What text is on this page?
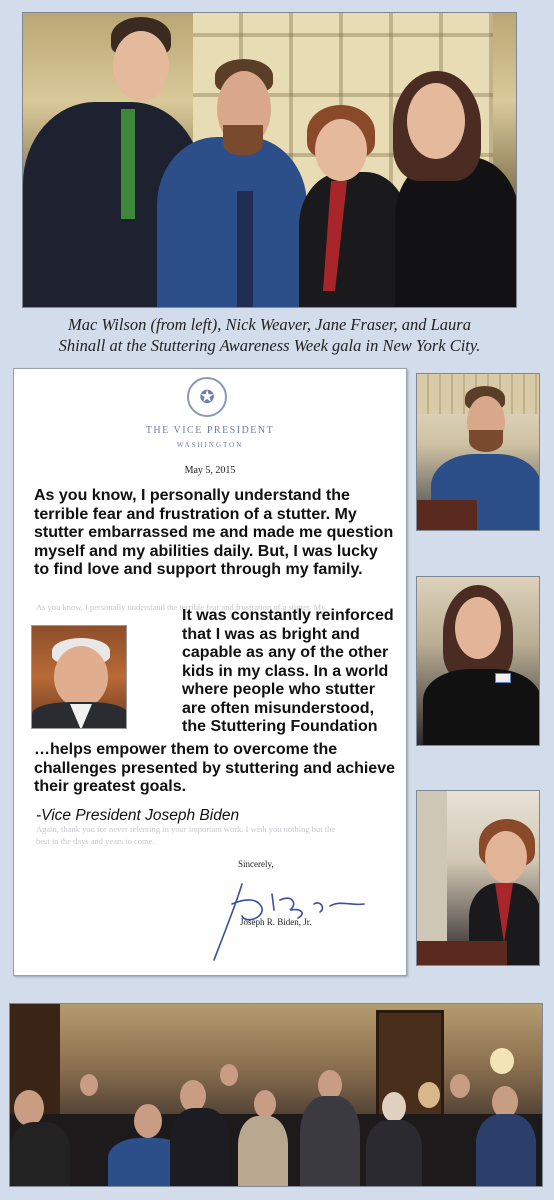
Mac Wilson (from left), Nick Weaver, Jane Fraser, and Laura
Shinall at the Stuttering Awareness Week gala in New York City.
✪
THE VICE PRESIDENT
WASHINGTON
May 5, 2015
As you know, I personally understand the terrible fear and frustration of a stutter. My
Again, thank you for never relenting in your important work. I wish you nothing but the
best in the days and years to come.
As you know, I personally understand the terrible fear and frustration of a stutter. My stutter embarrassed me and made me question myself and my abilities daily. But, I was lucky to find love and support through my family.
It was constantly reinforced that I was as bright and capable as any of the other kids in my class. In a world where people who stutter are often misunderstood, the Stuttering Foundation
…helps empower them to overcome the challenges presented by stuttering and achieve their greatest goals.
-Vice President Joseph Biden
Sincerely,
Joseph R. Biden, Jr.
